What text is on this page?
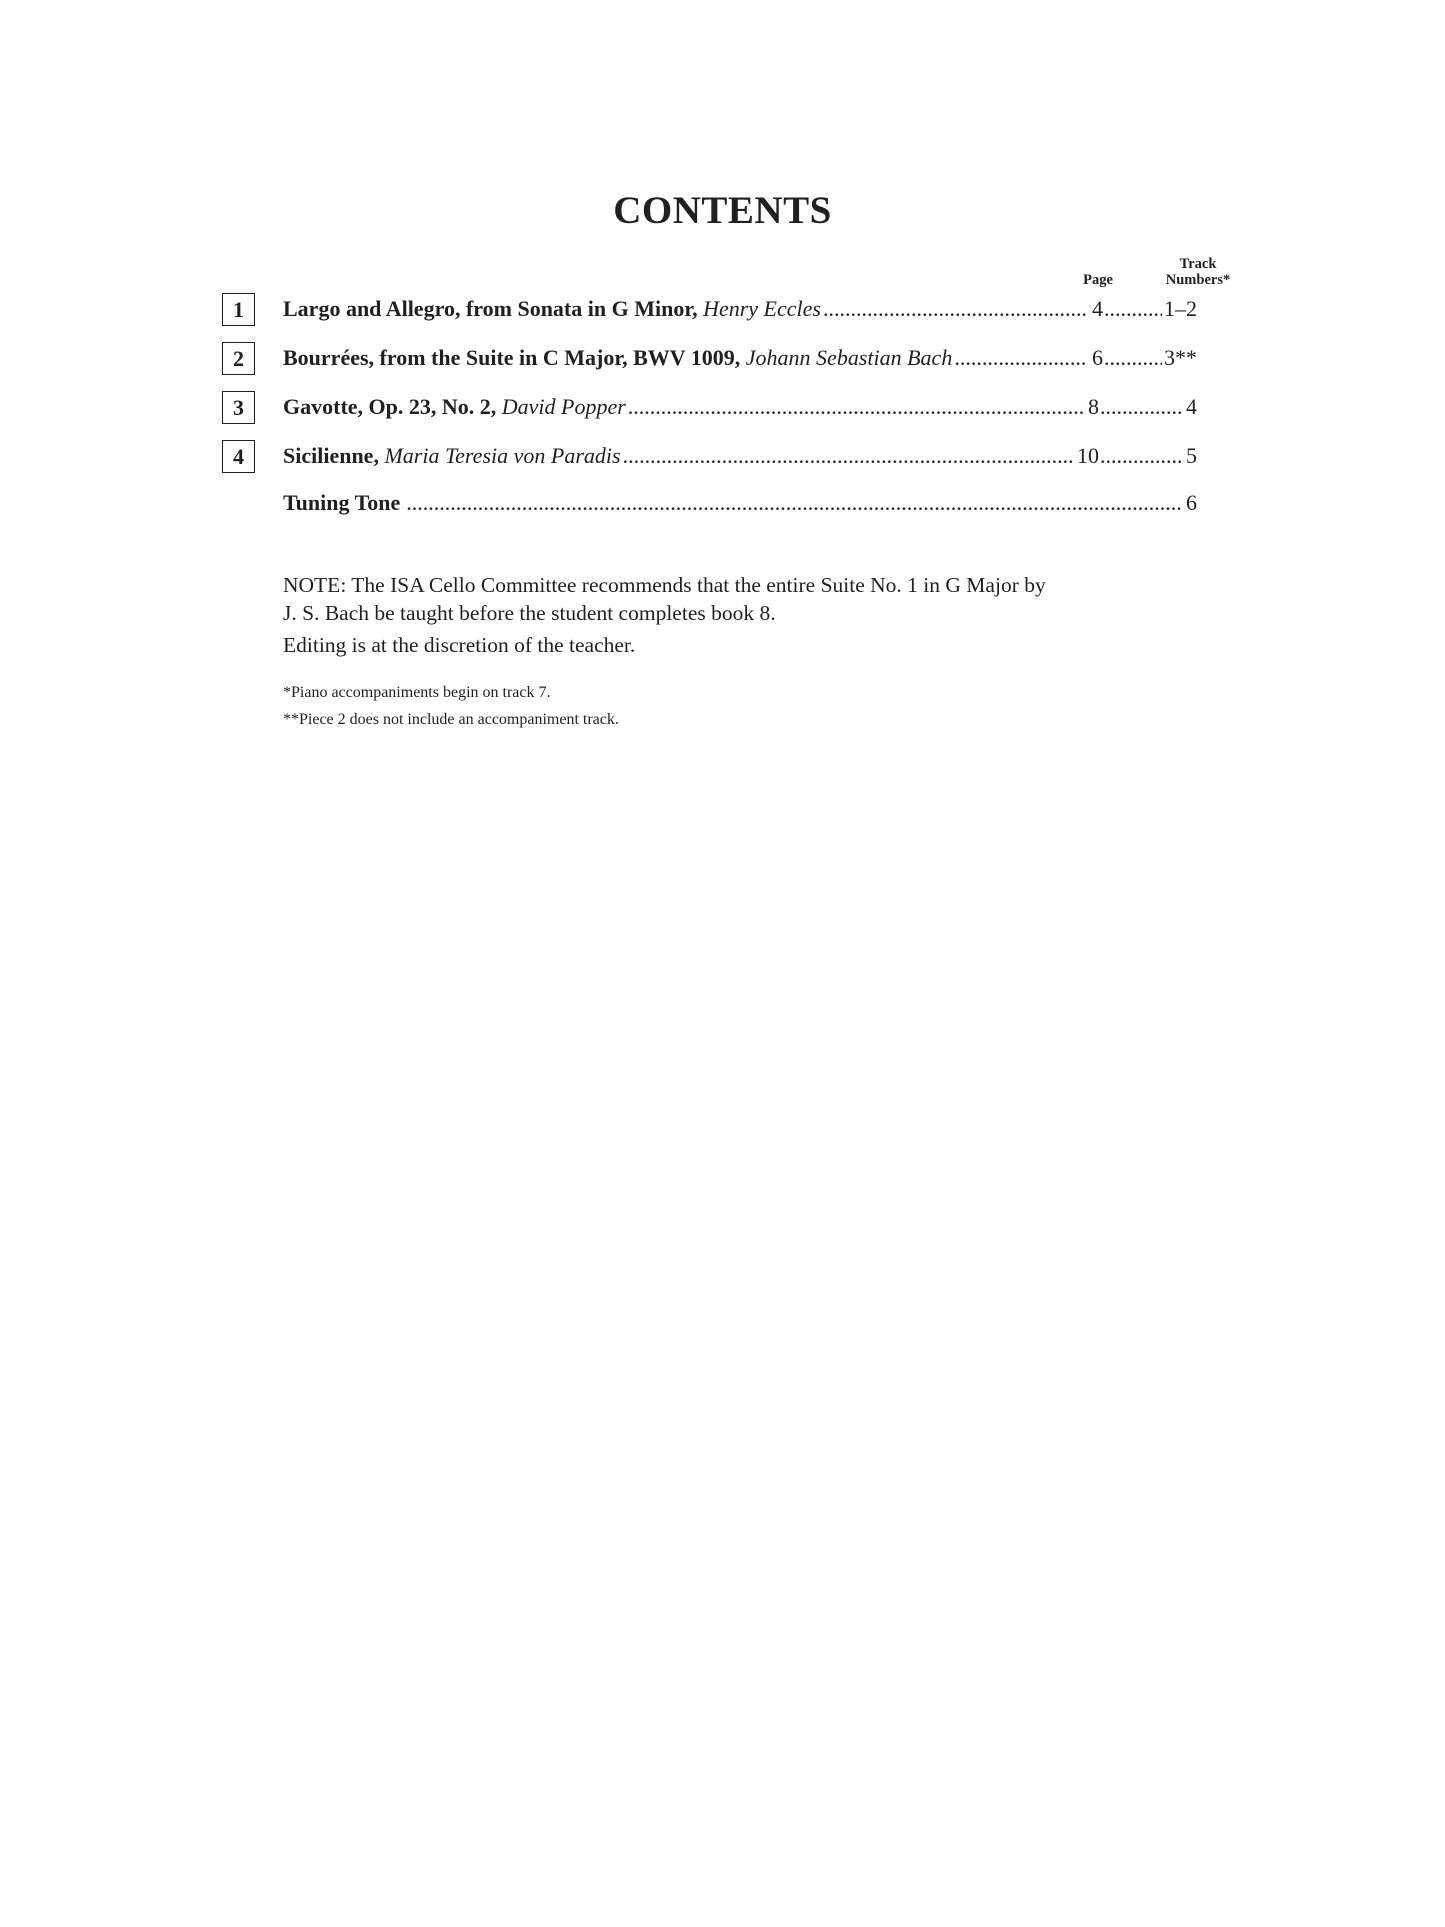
CONTENTS
Page
Track
Numbers*
1	Largo and Allegro, from Sonata in G Minor,
Henry Eccles .....	4 .....	1–2
2	Bourrées, from the Suite in C Major, BWV 1009,
Johann Sebastian Bach .....	6 .....	3**
3	Gavotte, Op. 23, No. 2,
David Popper .....	8 .....	4
4	Sicilienne,
Maria Teresia von Paradis .....	10 .....	5
Tuning Tone .....	6
NOTE: The ISA Cello Committee recommends that the entire Suite No. 1 in G Major by
J. S. Bach be taught before the student completes book 8.
Editing is at the discretion of the teacher.
*Piano accompaniments begin on track 7.
**Piece 2 does not include an accompaniment track.
